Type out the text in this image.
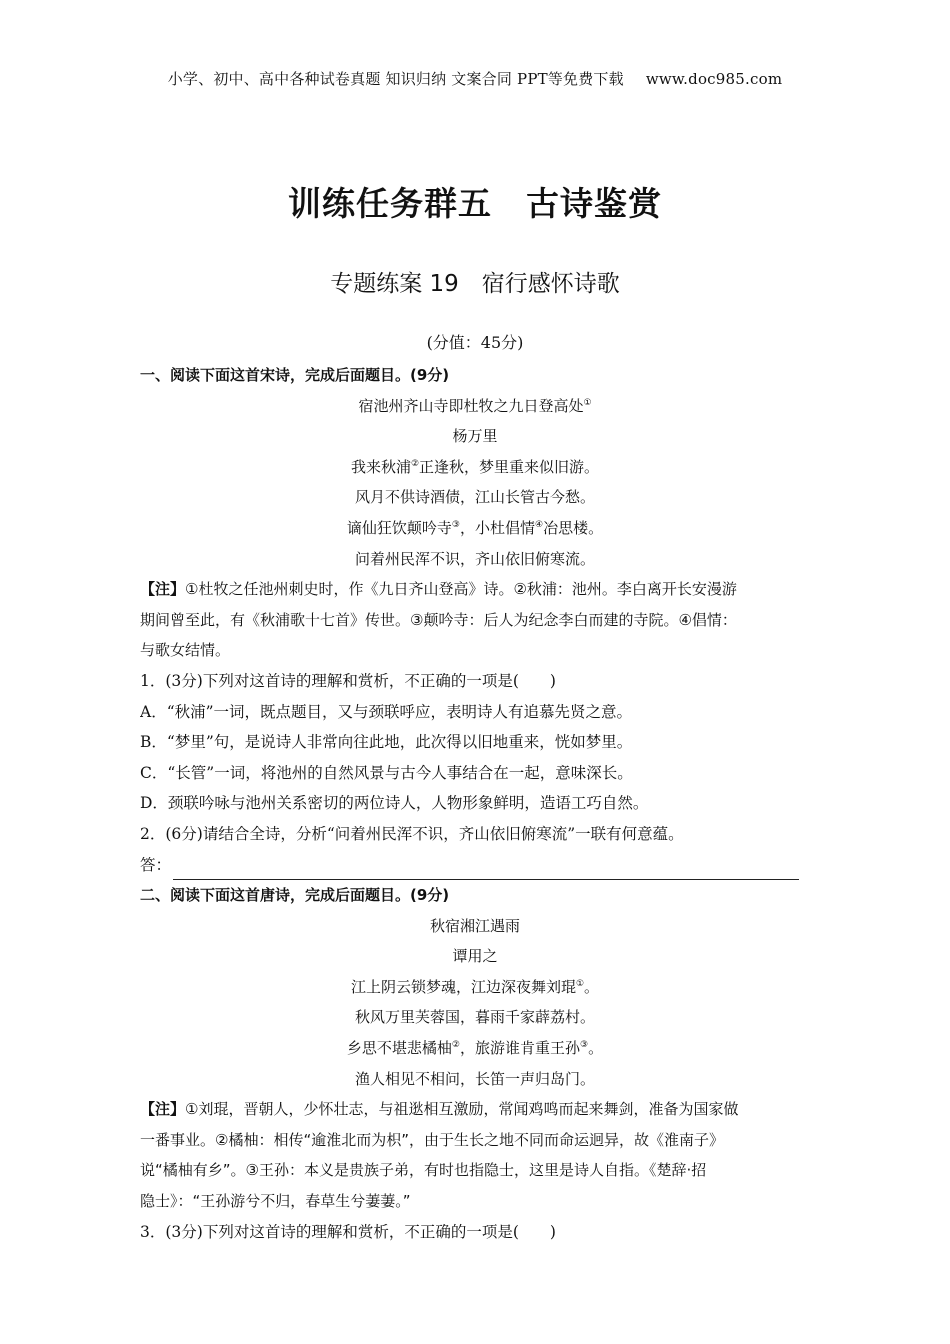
小学、初中、高中各种试卷真题 知识归纳 文案合同 PPT等免费下载 www.doc985.com
训练任务群五　古诗鉴赏
专题练案 19　宿行感怀诗歌
(分值：45分)
一、阅读下面这首宋诗，完成后面题目。(9分)
宿池州齐山寺即杜牧之九日登高处①
杨万里
我来秋浦②正逢秋，梦里重来似旧游。
风月不供诗酒债，江山长管古今愁。
谪仙狂饮颠吟寺③，小杜倡情④冶思楼。
问着州民浑不识，齐山依旧俯寒流。
【注】①杜牧之任池州刺史时，作《九日齐山登高》诗。②秋浦：池州。李白离开长安漫游
期间曾至此，有《秋浦歌十七首》传世。③颠吟寺：后人为纪念李白而建的寺院。④倡情：
与歌女结情。
1．(3分)下列对这首诗的理解和赏析，不正确的一项是(　　)
A．“秋浦”一词，既点题目，又与颈联呼应，表明诗人有追慕先贤之意。
B．“梦里”句，是说诗人非常向往此地，此次得以旧地重来，恍如梦里。
C．“长管”一词，将池州的自然风景与古今人事结合在一起，意味深长。
D．颈联吟咏与池州关系密切的两位诗人，人物形象鲜明，造语工巧自然。
2．(6分)请结合全诗，分析“问着州民浑不识，齐山依旧俯寒流”一联有何意蕴。
答：
二、阅读下面这首唐诗，完成后面题目。(9分)
秋宿湘江遇雨
谭用之
江上阴云锁梦魂，江边深夜舞刘琨①。
秋风万里芙蓉国，暮雨千家薜荔村。
乡思不堪悲橘柚②，旅游谁肯重王孙③。
渔人相见不相问，长笛一声归岛门。
【注】①刘琨，晋朝人，少怀壮志，与祖逖相互激励，常闻鸡鸣而起来舞剑，准备为国家做
一番事业。②橘柚：相传“逾淮北而为枳”，由于生长之地不同而命运迥异，故《淮南子》
说“橘柚有乡”。③王孙：本义是贵族子弟，有时也指隐士，这里是诗人自指。《楚辞·招
隐士》：“王孙游兮不归，春草生兮萋萋。”
3．(3分)下列对这首诗的理解和赏析，不正确的一项是(　　)
